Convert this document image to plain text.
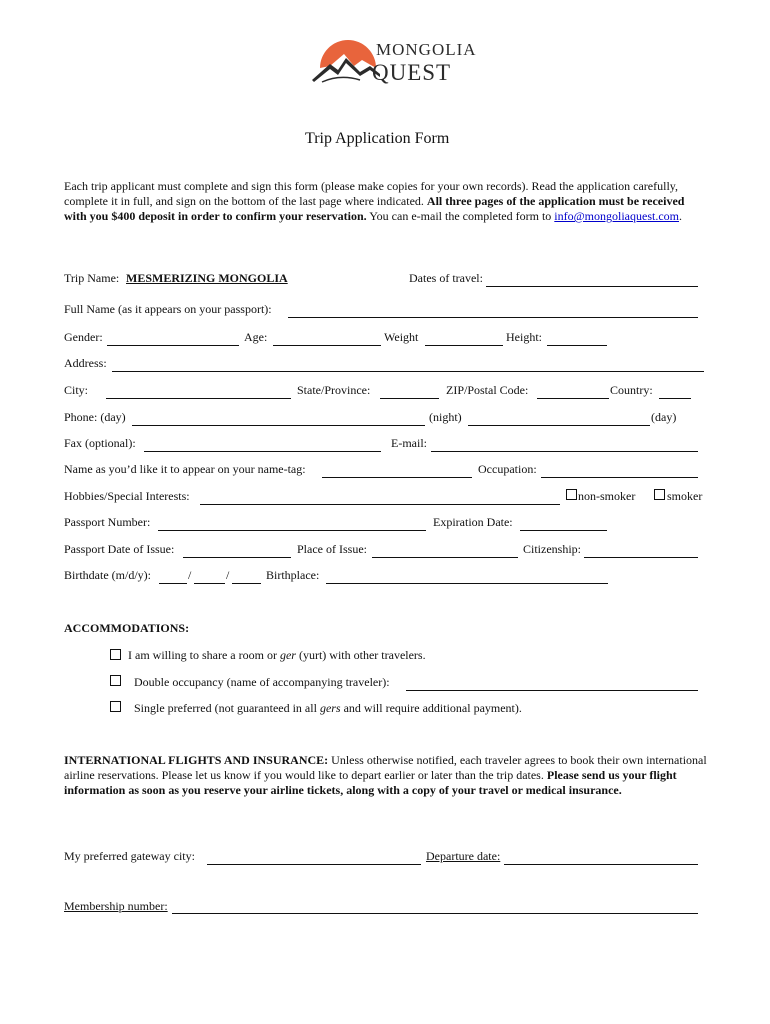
MONGOLIA
QUEST
Trip Application Form
Each trip applicant must complete and sign this form (please make copies for your own records). Read the application carefully, complete it in full, and sign on the bottom of the last page where indicated. All three pages of the application must be received with you $400 deposit in order to confirm your reservation. You can e-mail the completed form to info@mongoliaquest.com.
Trip Name: MESMERIZING MONGOLIA	Dates of travel:
Full Name (as it appears on your passport):
Gender:	Age:	Weight	Height:
Address:
City:	State/Province:	ZIP/Postal Code:	Country:
Phone: (day)	(night)	(day)
Fax (optional):	E-mail:
Name as you’d like it to appear on your name-tag:	Occupation:
Hobbies/Special Interests:	non-smoker	smoker
Passport Number:	Expiration Date:
Passport Date of Issue:	Place of Issue:	Citizenship:
Birthdate (m/d/y):	/	/	Birthplace:
ACCOMMODATIONS:
I am willing to share a room or ger (yurt) with other travelers.
Double occupancy (name of accompanying traveler):
Single preferred (not guaranteed in all gers and will require additional payment).
INTERNATIONAL FLIGHTS AND INSURANCE: Unless otherwise notified, each traveler agrees to book their own international airline reservations. Please let us know if you would like to depart earlier or later than the trip dates. Please send us your flight information as soon as you reserve your airline tickets, along with a copy of your travel or medical insurance.
My preferred gateway city:	Departure date:
Membership number:
